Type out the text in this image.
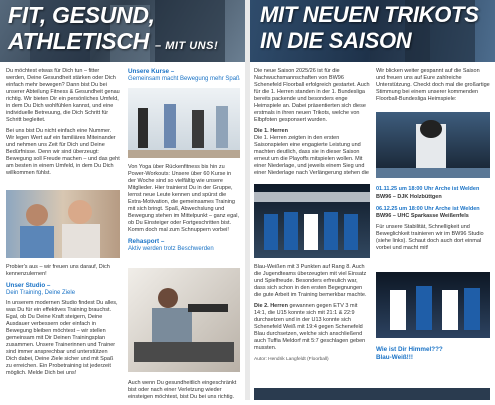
FIT, GESUND,
ATHLETISCH – MIT UNS!

Du möchtest etwas für Dich tun – fitter werden, Deine Gesundheit stärken oder Dich einfach mehr bewegen? Dann bist Du bei unserer Abteilung Fitness & Gesundheit genau richtig. Wir bieten Dir ein persönliches Umfeld, in dem Du Dich wohlfühlen kannst, und eine individuelle Betreuung, die Dich Schritt für Schritt begleitet.

Bei uns bist Du nicht einfach eine Nummer. Wir legen Wert auf ein familiäres Miteinander und nehmen uns Zeit für Dich und Deine Bedürfnisse. Denn wir sind überzeugt: Bewegung soll Freude machen – und das geht am besten in einem Umfeld, in dem Du Dich willkommen fühlst.

Probier's aus – wir freuen uns darauf, Dich kennenzulernen!

Unser Studio –
Dein Training, Deine Ziele

In unserem modernen Studio findest Du alles, was Du für ein effektives Training brauchst. Egal, ob Du Deine Kraft steigern, Deine Ausdauer verbessern oder einfach in Bewegung bleiben möchtest – wir stellen gemeinsam mit Dir Deinen Trainingsplan zusammen. Unsere Trainerinnen und Trainer sind immer ansprechbar und unterstützen Dich dabei, Deine Ziele sicher und mit Spaß zu erreichen. Ein Probetraining ist jederzeit möglich. Melde Dich bei uns!

Unsere Kurse –
Gemeinsam macht Bewegung mehr Spaß

Von Yoga über Rückenfitness bis hin zu Power-Workouts: Unsere über 60 Kurse in der Woche sind so vielfältig wie unsere Mitglieder. Hier trainierst Du in der Gruppe, lernst neue Leute kennen und spürst die Extra-Motivation, die gemeinsames Training mit sich bringt. Spaß, Abwechslung und Bewegung stehen im Mittelpunkt – ganz egal, ob Du Einsteiger oder Fortgeschritten bist. Komm doch mal zum Schnuppern vorbei!

Rehasport –
Aktiv werden trotz Beschwerden

Auch wenn Du gesundheitlich eingeschränkt bist oder nach einer Verletzung wieder einsteigen möchtest, bist Du bei uns richtig.

MIT NEUEN TRIKOTS
IN DIE SAISON

Die neue Saison 2025/26 ist für die Nachwuchsmannschaften von BW96 Schenefeld Floorball erfolgreich gestartet. Auch für die 1. Herren standen in der 1. Bundesliga bereits packende und besonders enge Heimspiele an. Dabei präsentierten sich diese erstmals in ihren neuen Trikots, welche von Elbpfoten gesponsert wurden.

Die 1. Herren
Die 1. Herren zeigten in den ersten Saisonspielen eine engagierte Leistung und machten deutlich, dass sie in dieser Saison erneut um die Playoffs mitspielen wollen. Mit einer Niederlage, und jeweils einem Sieg und einer Niederlage nach Verlängerung stehen die

Blau-Weißen mit 3 Punkten auf Rang 8. Auch die Jugendteams überzeugten mit viel Einsatz und Spielfreude. Besonders erfreulich war, dass sich schon in den ersten Begegnungen die gute Arbeit im Training bemerkbar machte.

Die 2. Herren gewannen gegen ETV 3 mit 14:1, die U15 konnte sich mit 21:1 & 22:9 durchsetzen und in der U13 konnte sich Schenefeld Weiß mit 19:4 gegen Schenefeld Blau durchsetzen, welche sich anschließend auch Tuffia Meldorf mit 5:7 geschlagen geben mussten.

Autor: Hendrik Langfeldt (Floorball)

Wir blicken weiter gespannt auf die Saison und freuen uns auf Eure zahlreiche Unterstützung. Checkt doch mal die großartige Stimmung bei einem unserer kommenden Floorball-Bundesliga Heimspiele:

01.11.25 um 18:00 Uhr Arche ist Welden
BW96 – DJK Holzbüttgen

06.12.25 um 18:00 Uhr Arche ist Welden
BW96 – UHC Sparkasse Weißenfels

Für unsere Stabilität, Schnelligkeit und Beweglichkeit trainieren wir im BW96 Studio (siehe links). Schaut doch auch dort einmal vorbei und macht mit!

Wie ist Dir Himmel???
Blau-Weiß!!!
